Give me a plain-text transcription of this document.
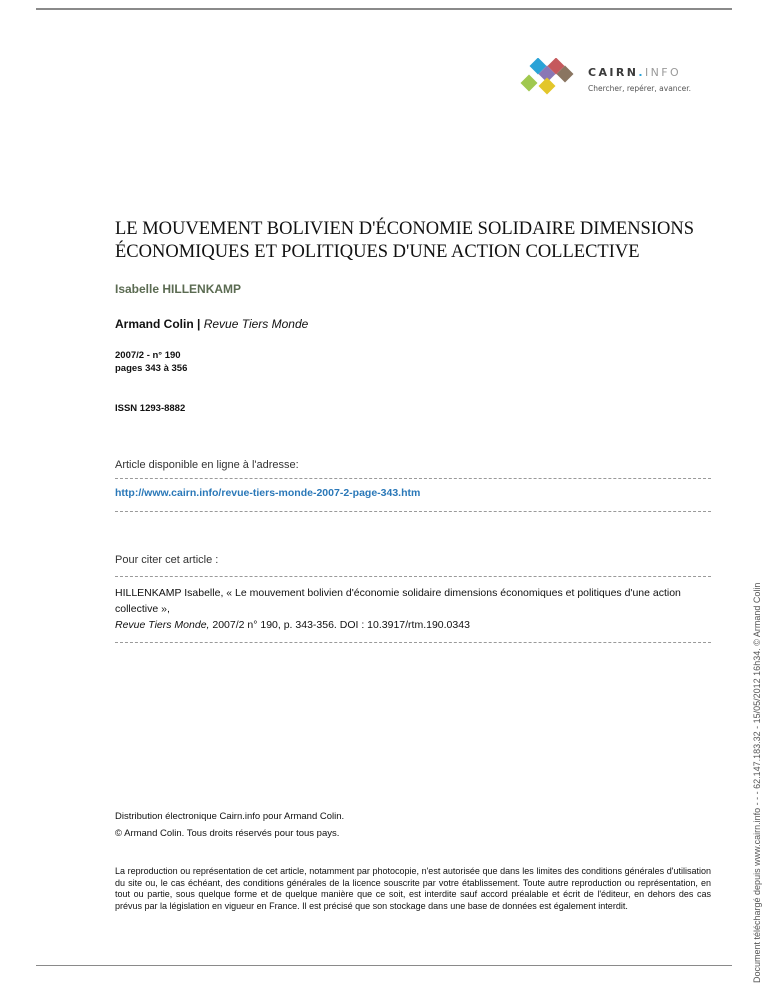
CAIRN.INFO
Chercher, repérer, avancer.
LE MOUVEMENT BOLIVIEN D'ÉCONOMIE SOLIDAIRE DIMENSIONS ÉCONOMIQUES ET POLITIQUES D'UNE ACTION COLLECTIVE
Isabelle HILLENKAMP
Armand Colin | Revue Tiers Monde
2007/2 - n° 190
pages 343 à 356
ISSN 1293-8882
Article disponible en ligne à l'adresse:
http://www.cairn.info/revue-tiers-monde-2007-2-page-343.htm
Pour citer cet article :
HILLENKAMP Isabelle, « Le mouvement bolivien d'économie solidaire dimensions économiques et politiques d'une action collective »,
Revue Tiers Monde, 2007/2 n° 190, p. 343-356. DOI : 10.3917/rtm.190.0343
Distribution électronique Cairn.info pour Armand Colin.
© Armand Colin. Tous droits réservés pour tous pays.
La reproduction ou représentation de cet article, notamment par photocopie, n'est autorisée que dans les limites des conditions générales d'utilisation du site ou, le cas échéant, des conditions générales de la licence souscrite par votre établissement. Toute autre reproduction ou représentation, en tout ou partie, sous quelque forme et de quelque manière que ce soit, est interdite sauf accord préalable et écrit de l'éditeur, en dehors des cas prévus par la législation en vigueur en France. Il est précisé que son stockage dans une base de données est également interdit.	Document téléchargé depuis www.cairn.info - - - 62.147.183.32 - 15/05/2012 16h34. © Armand Colin
